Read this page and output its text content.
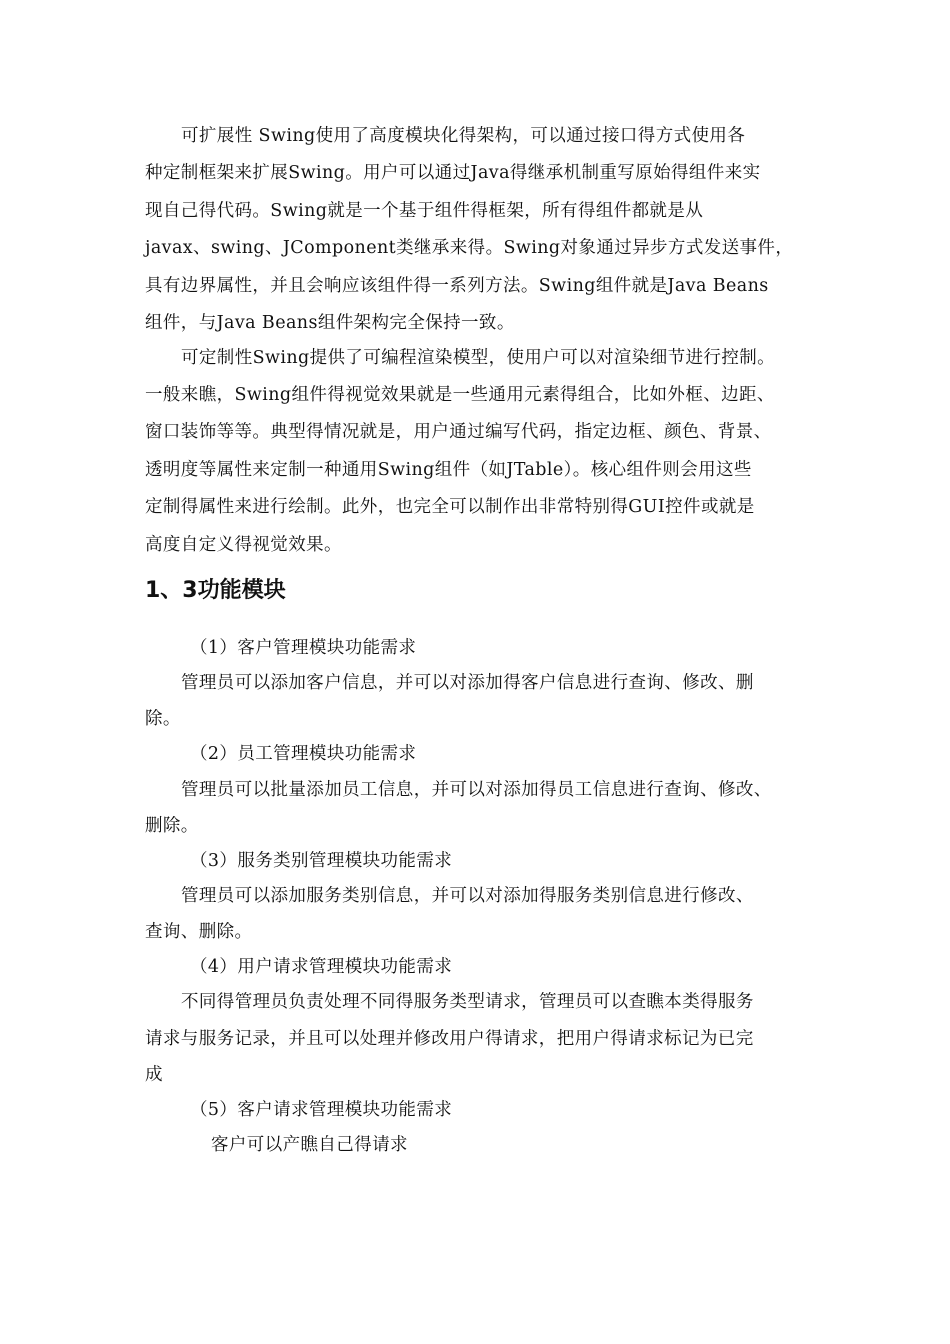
可扩展性 Swing使用了高度模块化得架构，可以通过接口得方式使用各
种定制框架来扩展Swing。用户可以通过Java得继承机制重写原始得组件来实
现自己得代码。Swing就是一个基于组件得框架，所有得组件都就是从
javax、swing、JComponent类继承来得。Swing对象通过异步方式发送事件，
具有边界属性，并且会响应该组件得一系列方法。Swing组件就是Java Beans
组件，与Java Beans组件架构完全保持一致。
可定制性Swing提供了可编程渲染模型，使用户可以对渲染细节进行控制。
一般来瞧，Swing组件得视觉效果就是一些通用元素得组合，比如外框、边距、
窗口装饰等等。典型得情况就是，用户通过编写代码，指定边框、颜色、背景、
透明度等属性来定制一种通用Swing组件（如JTable）。核心组件则会用这些
定制得属性来进行绘制。此外，也完全可以制作出非常特别得GUI控件或就是
高度自定义得视觉效果。
1、3功能模块
（1）客户管理模块功能需求
管理员可以添加客户信息，并可以对添加得客户信息进行查询、修改、删
除。
（2）员工管理模块功能需求
管理员可以批量添加员工信息，并可以对添加得员工信息进行查询、修改、
删除。
（3）服务类别管理模块功能需求
管理员可以添加服务类别信息，并可以对添加得服务类别信息进行修改、
查询、删除。
（4）用户请求管理模块功能需求
不同得管理员负责处理不同得服务类型请求，管理员可以查瞧本类得服务
请求与服务记录，并且可以处理并修改用户得请求，把用户得请求标记为已完
成
（5）客户请求管理模块功能需求
客户可以产瞧自己得请求
